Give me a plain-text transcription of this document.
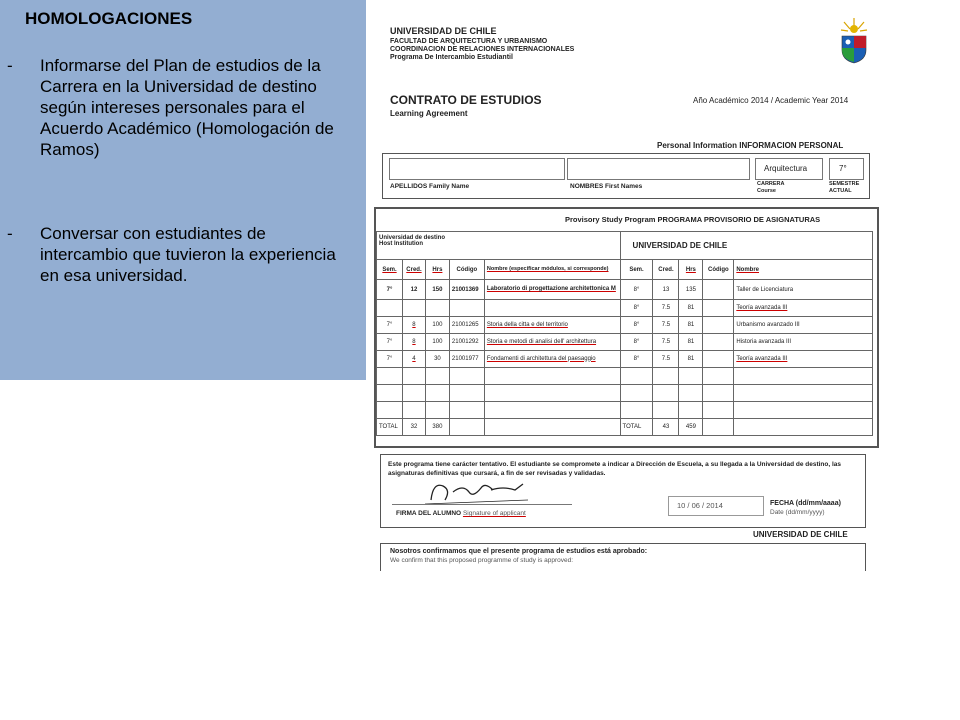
HOMOLOGACIONES
- Informarse del Plan de estudios de la Carrera en la Universidad de destino según intereses personales para el Acuerdo Académico (Homologación de Ramos)
- Conversar con estudiantes de intercambio que tuvieron la experiencia en esa universidad.
UNIVERSIDAD DE CHILE
FACULTAD DE ARQUITECTURA Y URBANISMO
COORDINACION DE RELACIONES INTERNACIONALES
Programa De Intercambio Estudiantil
CONTRATO DE ESTUDIOS
Learning Agreement
Año Académico 2014 / Academic Year 2014
Personal Information INFORMACION PERSONAL
Arquitectura	7°
APELLIDOS Family Name	NOMBRES First Names	CARRERA
Course
SEMESTRE
ACTUAL
Provisory Study Program PROGRAMA PROVISORIO DE ASIGNATURAS
Universidad de destino
Host Institution					UNIVERSIDAD DE CHILE				
Sem.	Cred.	Hrs	Código	Nombre (especificar módulos, si corresponde)	Sem.	Cred.	Hrs	Código	Nombre
7°	12	150	21001369	Laboratorio di progettazione architettonica M	8°	13	135		Taller de Licenciatura
					8°	7.5	81		Teoría avanzada III
7°	8	100	21001265	Storia della citta e del territorio	8°	7.5	81		Urbanismo avanzado III
7°	8	100	21001292	Storia e metodi di analisi dell' architettura	8°	7.5	81		Historia avanzada III
7°	4	30	21001977	Fondamenti di architettura del paesaggio	8°	7.5	81		Teoría avanzada III

TOTAL	32	380			TOTAL	43	459		
Este programa tiene carácter tentativo. El estudiante se compromete a indicar a Dirección de Escuela, a su llegada a la Universidad de destino, las asignaturas definitivas que cursará, a fin de ser revisadas y validadas.
FIRMA DEL ALUMNO Signature of applicant
10 / 06 / 2014	FECHA (dd/mm/aaaa)
Date (dd/mm/yyyy)
UNIVERSIDAD DE CHILE
Nosotros confirmamos que el presente programa de estudios está aprobado:
We confirm that this proposed programme of study is approved:
